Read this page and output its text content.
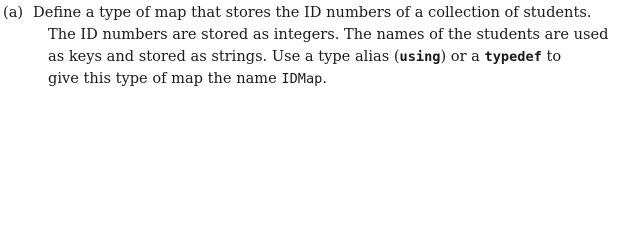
(a) Define a type of map that stores the ID numbers of a collection of students.
The ID numbers are stored as integers. The names of the students are used
as keys and stored as strings. Use a type alias (using) or a typedef to
give this type of map the name IDMap.
